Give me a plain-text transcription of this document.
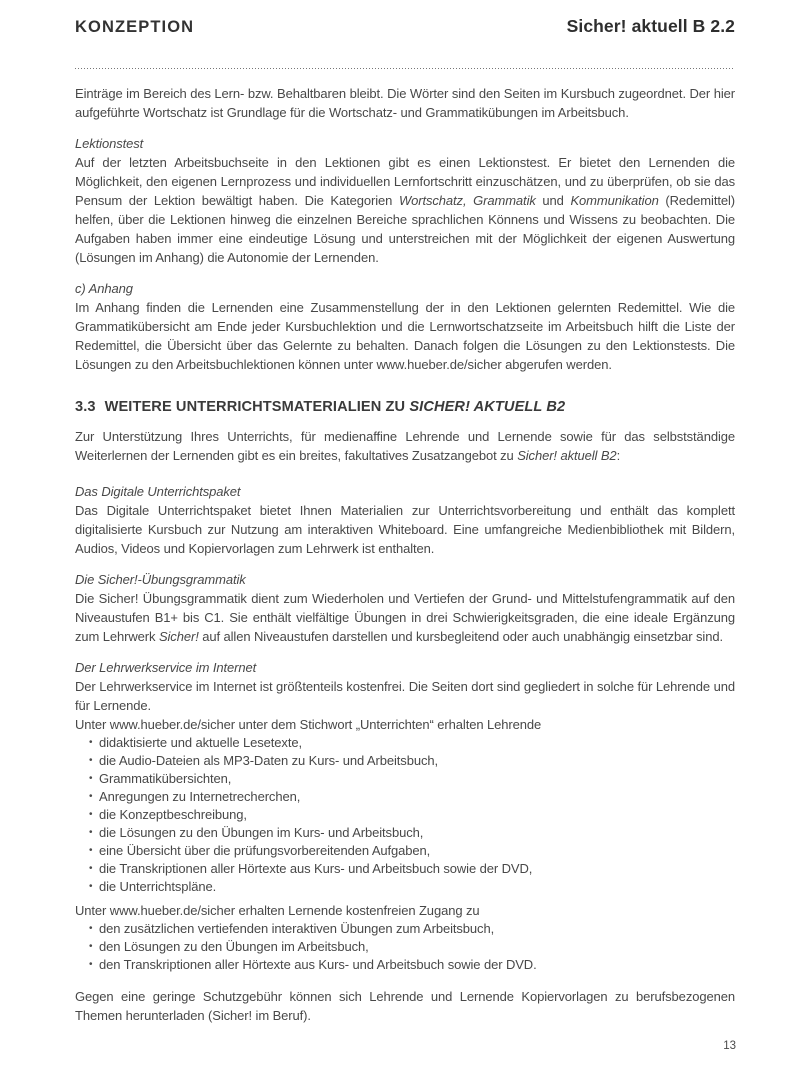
KONZEPTION	Sicher! aktuell B 2.2

Einträge im Bereich des Lern- bzw. Behaltbaren bleibt. Die Wörter sind den Seiten im Kursbuch zugeordnet. Der hier aufgeführte Wortschatz ist Grundlage für die Wortschatz- und Grammatikübungen im Arbeitsbuch.

Lektionstest

Auf der letzten Arbeitsbuchseite in den Lektionen gibt es einen Lektionstest. Er bietet den Lernenden die Möglichkeit, den eigenen Lernprozess und individuellen Lernfortschritt einzuschätzen, und zu überprüfen, ob sie das Pensum der Lektion bewältigt haben. Die Kategorien Wortschatz, Grammatik und Kommunikation (Redemittel) helfen, über die Lektionen hinweg die einzelnen Bereiche sprachlichen Könnens und Wissens zu beobachten. Die Aufgaben haben immer eine eindeutige Lösung und unterstreichen mit der Möglichkeit der eigenen Auswertung (Lösungen im Anhang) die Autonomie der Lernenden.

c) Anhang

Im Anhang finden die Lernenden eine Zusammenstellung der in den Lektionen gelernten Redemittel. Wie die Grammatikübersicht am Ende jeder Kursbuchlektion und die Lernwortschatzseite im Arbeitsbuch hilft die Liste der Redemittel, die Übersicht über das Gelernte zu behalten. Danach folgen die Lösungen zu den Lektionstests. Die Lösungen zu den Arbeitsbuchlektionen können unter www.hueber.de/sicher abgerufen werden.

3.3 WEITERE UNTERRICHTSMATERIALIEN ZU SICHER! AKTUELL B2

Zur Unterstützung Ihres Unterrichts, für medienaffine Lehrende und Lernende sowie für das selbstständige Weiterlernen der Lernenden gibt es ein breites, fakultatives Zusatzangebot zu Sicher! aktuell B2:

Das Digitale Unterrichtspaket

Das Digitale Unterrichtspaket bietet Ihnen Materialien zur Unterrichtsvorbereitung und enthält das komplett digitalisierte Kursbuch zur Nutzung am interaktiven Whiteboard. Eine umfangreiche Medienbibliothek mit Bildern, Audios, Videos und Kopiervorlagen zum Lehrwerk ist enthalten.

Die Sicher!-Übungsgrammatik

Die Sicher! Übungsgrammatik dient zum Wiederholen und Vertiefen der Grund- und Mittelstufengrammatik auf den Niveaustufen B1+ bis C1. Sie enthält vielfältige Übungen in drei Schwierigkeitsgraden, die eine ideale Ergänzung zum Lehrwerk Sicher! auf allen Niveaustufen darstellen und kursbegleitend oder auch unabhängig einsetzbar sind.

Der Lehrwerkservice im Internet

Der Lehrwerkservice im Internet ist größtenteils kostenfrei. Die Seiten dort sind gegliedert in solche für Lehrende und für Lernende.

Unter www.hueber.de/sicher unter dem Stichwort „Unterrichten“ erhalten Lehrende

• didaktisierte und aktuelle Lesetexte,
• die Audio-Dateien als MP3-Daten zu Kurs- und Arbeitsbuch,
• Grammatikübersichten,
• Anregungen zu Internetrecherchen,
• die Konzeptbeschreibung,
• die Lösungen zu den Übungen im Kurs- und Arbeitsbuch,
• eine Übersicht über die prüfungsvorbereitenden Aufgaben,
• die Transkriptionen aller Hörtexte aus Kurs- und Arbeitsbuch sowie der DVD,
• die Unterrichtspläne.

Unter www.hueber.de/sicher erhalten Lernende kostenfreien Zugang zu

• den zusätzlichen vertiefenden interaktiven Übungen zum Arbeitsbuch,
• den Lösungen zu den Übungen im Arbeitsbuch,
• den Transkriptionen aller Hörtexte aus Kurs- und Arbeitsbuch sowie der DVD.

Gegen eine geringe Schutzgebühr können sich Lehrende und Lernende Kopiervorlagen zu berufsbezogenen Themen herunterladen (Sicher! im Beruf).

13
